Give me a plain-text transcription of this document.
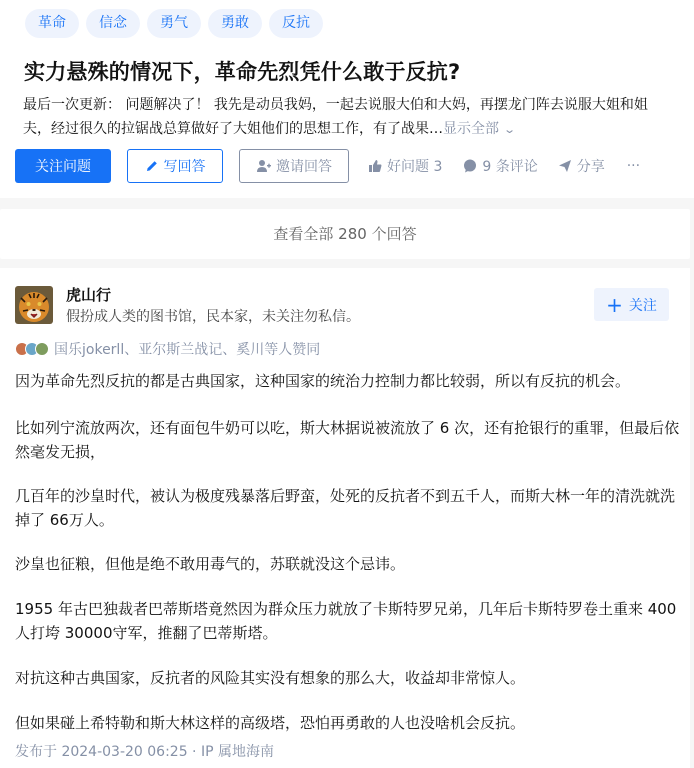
革命	信念	勇气	勇敢	反抗
实力悬殊的情况下，革命先烈凭什么敢于反抗?
最后一次更新： 问题解决了！ 我先是动员我妈，一起去说服大伯和大妈，再摆龙门阵去说服大姐和姐夫，经过很久的拉锯战总算做好了大姐他们的思想工作，有了战果…显示全部 ⌄
关注问题	写回答	邀请回答	好问题 3	9 条评论	分享 ···
查看全部 280 个回答
虎山行
假扮成人类的图书馆，民本家，未关注勿私信。
+ 关注
国乐jokerll、亚尔斯兰战记、奚川等人赞同

因为革命先烈反抗的都是古典国家，这种国家的统治力控制力都比较弱，所以有反抗的机会。

比如列宁流放两次，还有面包牛奶可以吃，斯大林据说被流放了 6 次，还有抢银行的重罪，但最后依然毫发无损，

几百年的沙皇时代，被认为极度残暴落后野蛮，处死的反抗者不到五千人，而斯大林一年的清洗就洗掉了 66万人。

沙皇也征粮，但他是绝不敢用毒气的，苏联就没这个忌讳。

1955 年古巴独裁者巴蒂斯塔竟然因为群众压力就放了卡斯特罗兄弟，几年后卡斯特罗卷土重来 400 人打垮 30000守军，推翻了巴蒂斯塔。

对抗这种古典国家，反抗者的风险其实没有想象的那么大，收益却非常惊人。

但如果碰上希特勒和斯大林这样的高级塔，恐怕再勇敢的人也没啥机会反抗。

发布于 2024-03-20 06:25 · IP 属地海南
